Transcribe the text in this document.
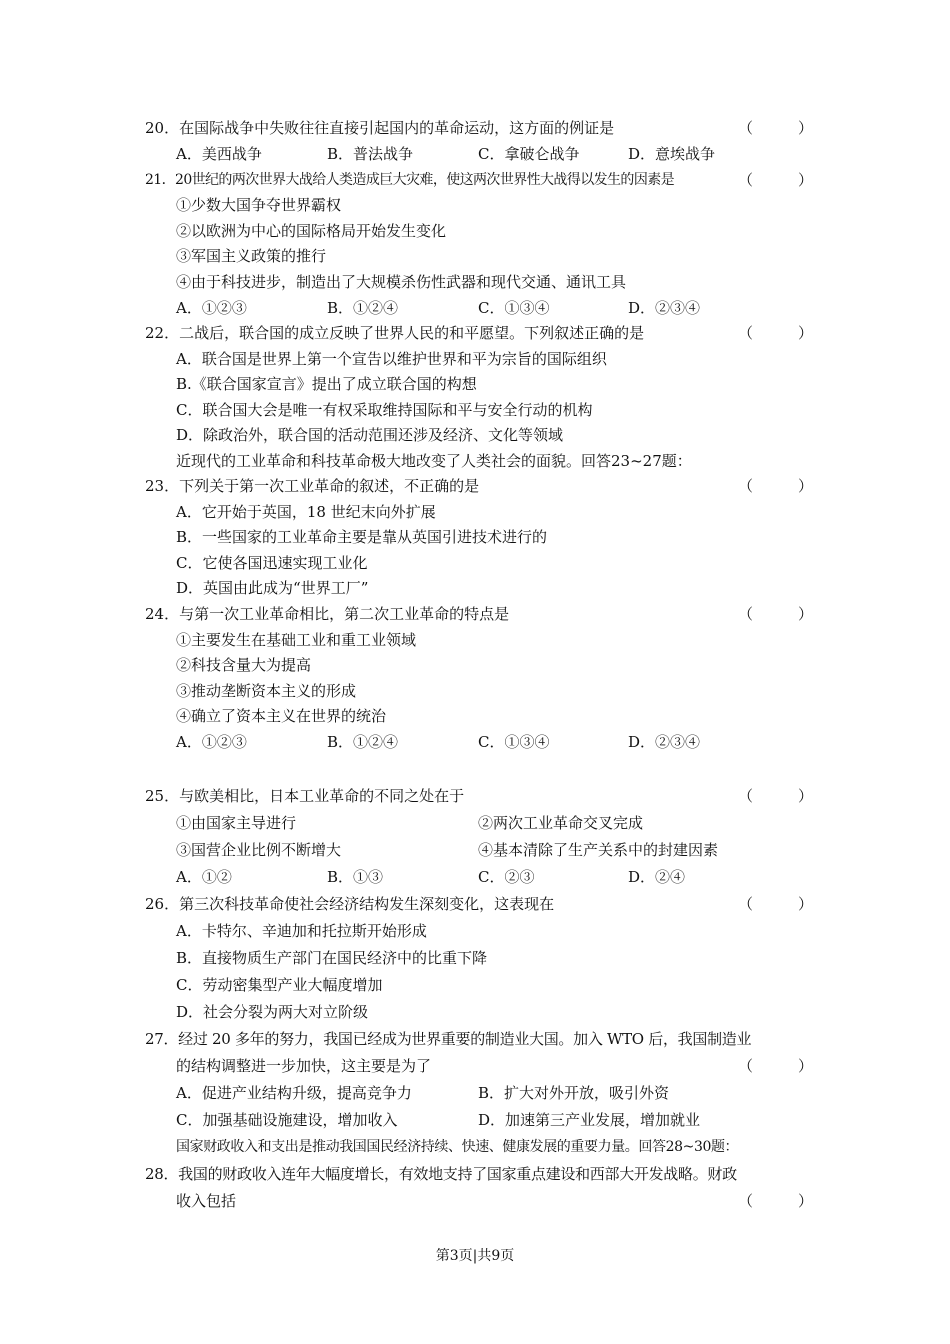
20．在国际战争中失败往往直接引起国内的革命运动，这方面的例证是	（　　　）
A．美西战争	B．普法战争	C．拿破仑战争	D．意埃战争
21．20世纪的两次世界大战给人类造成巨大灾难，使这两次世界性大战得以发生的因素是	（　　　）
①少数大国争夺世界霸权
②以欧洲为中心的国际格局开始发生变化
③军国主义政策的推行
④由于科技进步，制造出了大规模杀伤性武器和现代交通、通讯工具
A．①②③	B．①②④	C．①③④	D．②③④
22．二战后，联合国的成立反映了世界人民的和平愿望。下列叙述正确的是	（　　　）
A．联合国是世界上第一个宣告以维护世界和平为宗旨的国际组织
B.《联合国家宣言》提出了成立联合国的构想
C．联合国大会是唯一有权采取维持国际和平与安全行动的机构
D．除政治外，联合国的活动范围还涉及经济、文化等领域
近现代的工业革命和科技革命极大地改变了人类社会的面貌。回答23~27题：
23．下列关于第一次工业革命的叙述，不正确的是	（　　　）
A．它开始于英国，18 世纪末向外扩展
B．一些国家的工业革命主要是靠从英国引进技术进行的
C．它使各国迅速实现工业化
D．英国由此成为“世界工厂”
24．与第一次工业革命相比，第二次工业革命的特点是	（　　　）
①主要发生在基础工业和重工业领域
②科技含量大为提高
③推动垄断资本主义的形成
④确立了资本主义在世界的统治
A．①②③	B．①②④	C．①③④	D．②③④
25．与欧美相比，日本工业革命的不同之处在于	（　　　）
①由国家主导进行	②两次工业革命交叉完成
③国营企业比例不断增大	④基本清除了生产关系中的封建因素
A．①②	B．①③	C．②③	D．②④
26．第三次科技革命使社会经济结构发生深刻变化，这表现在	（　　　）
A．卡特尔、辛迪加和托拉斯开始形成
B．直接物质生产部门在国民经济中的比重下降
C．劳动密集型产业大幅度增加
D．社会分裂为两大对立阶级
27．经过 20 多年的努力，我国已经成为世界重要的制造业大国。加入 WTO 后，我国制造业
的结构调整进一步加快，这主要是为了	（　　　）
A．促进产业结构升级，提高竞争力	B．扩大对外开放，吸引外资
C．加强基础设施建设，增加收入	D．加速第三产业发展，增加就业
国家财政收入和支出是推动我国国民经济持续、快速、健康发展的重要力量。回答28~30题：
28．我国的财政收入连年大幅度增长，有效地支持了国家重点建设和西部大开发战略。财政
收入包括	（　　　）
第3页|共9页
